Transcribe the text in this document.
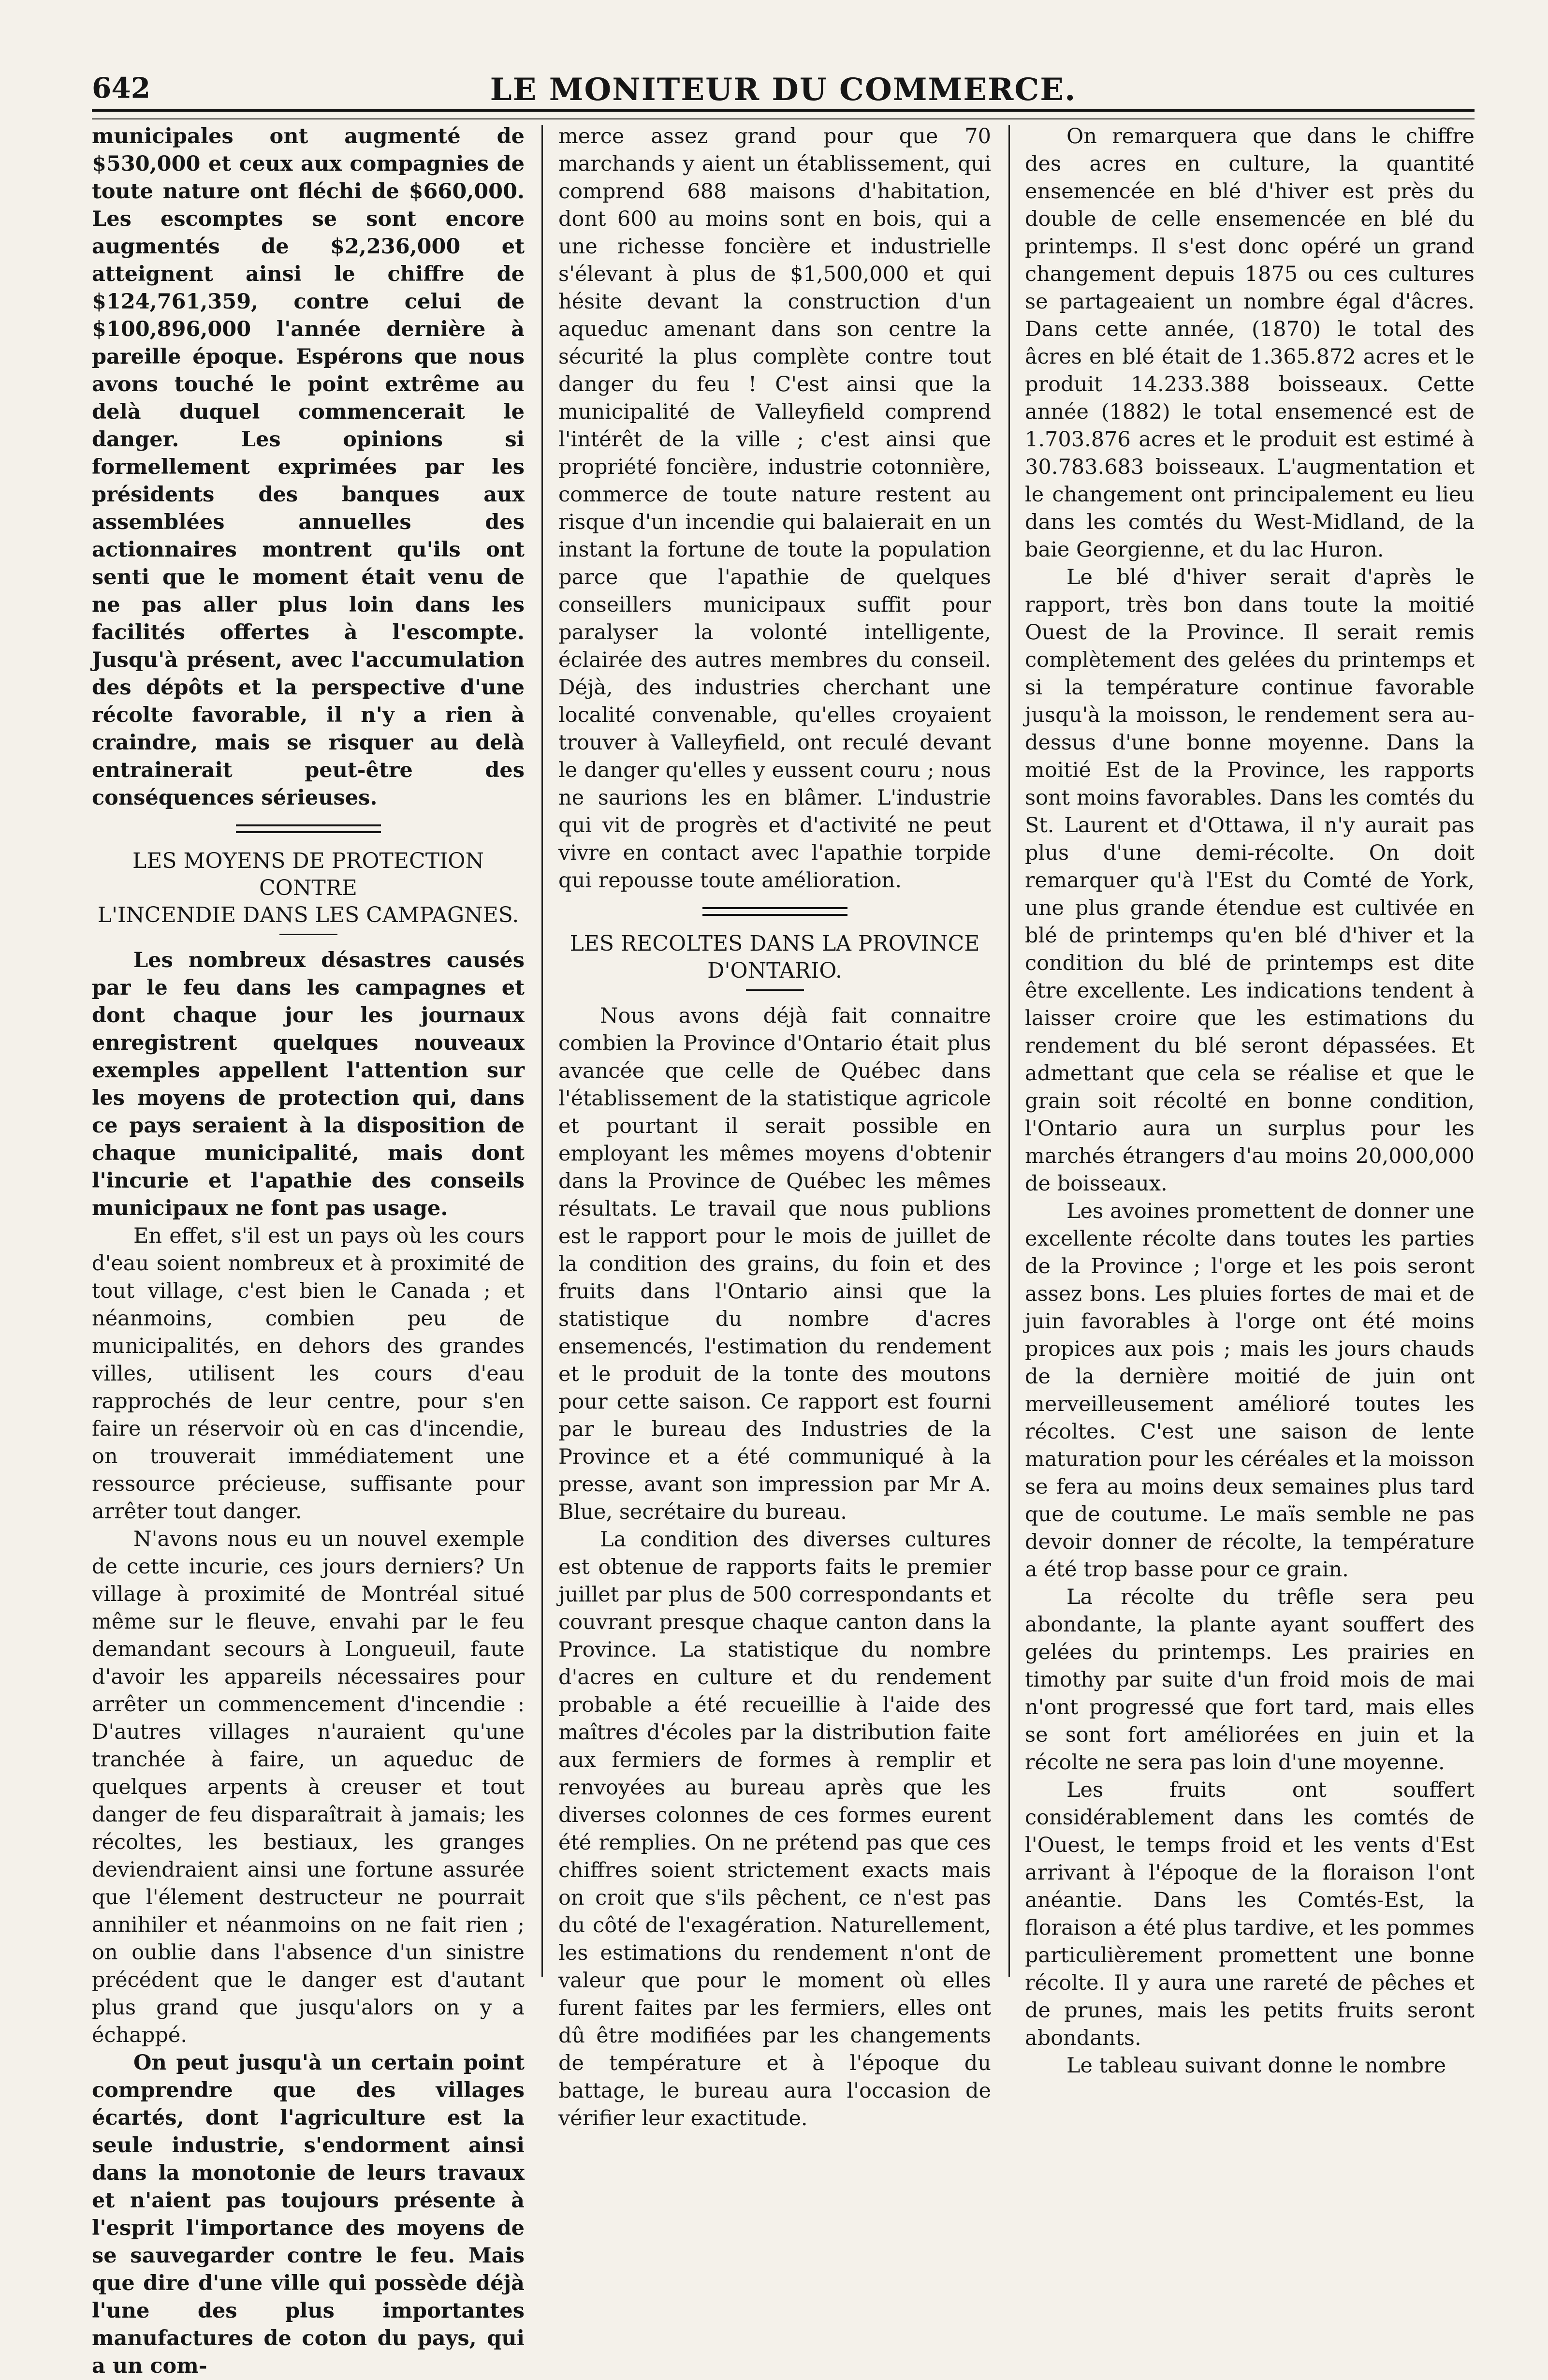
642	LE MONITEUR DU COMMERCE.

municipales ont augmenté de $530,000 et ceux aux compagnies de toute nature ont fléchi de $660,000. Les escomptes se sont encore augmentés de $2,236,000 et atteignent ainsi le chiffre de $124,761,359, contre celui de $100,896,000 l'année dernière à pareille époque. Espérons que nous avons touché le point extrême au delà duquel commencerait le danger. Les opinions si formellement exprimées par les présidents des banques aux assemblées annuelles des actionnaires montrent qu'ils ont senti que le moment était venu de ne pas aller plus loin dans les facilités offertes à l'escompte. Jusqu'à présent, avec l'accumulation des dépôts et la perspective d'une récolte favorable, il n'y a rien à craindre, mais se risquer au delà entrainerait peut-être des conséquences sérieuses.

LES MOYENS DE PROTECTION CONTRE
L'INCENDIE DANS LES CAMPAGNES.

Les nombreux désastres causés par le feu dans les campagnes et dont chaque jour les journaux enregistrent quelques nouveaux exemples appellent l'attention sur les moyens de protection qui, dans ce pays seraient à la disposition de chaque municipalité, mais dont l'incurie et l'apathie des conseils municipaux ne font pas usage.

En effet, s'il est un pays où les cours d'eau soient nombreux et à proximité de tout village, c'est bien le Canada ; et néanmoins, combien peu de municipalités, en dehors des grandes villes, utilisent les cours d'eau rapprochés de leur centre, pour s'en faire un réservoir où en cas d'incendie, on trouverait immédiatement une ressource précieuse, suffisante pour arrêter tout danger.

N'avons nous eu un nouvel exemple de cette incurie, ces jours derniers? Un village à proximité de Montréal situé même sur le fleuve, envahi par le feu demandant secours à Longueuil, faute d'avoir les appareils nécessaires pour arrêter un commencement d'incendie : D'autres villages n'auraient qu'une tranchée à faire, un aqueduc de quelques arpents à creuser et tout danger de feu disparaîtrait à jamais; les récoltes, les bestiaux, les granges deviendraient ainsi une fortune assurée que l'élement destructeur ne pourrait annihiler et néanmoins on ne fait rien ; on oublie dans l'absence d'un sinistre précédent que le danger est d'autant plus grand que jusqu'alors on y a échappé.

On peut jusqu'à un certain point comprendre que des villages écartés, dont l'agriculture est la seule industrie, s'endorment ainsi dans la monotonie de leurs travaux et n'aient pas toujours présente à l'esprit l'importance des moyens de se sauvegarder contre le feu. Mais que dire d'une ville qui possède déjà l'une des plus importantes manufactures de coton du pays, qui a un com-

merce assez grand pour que 70 marchands y aient un établissement, qui comprend 688 maisons d'habitation, dont 600 au moins sont en bois, qui a une richesse foncière et industrielle s'élevant à plus de $1,500,000 et qui hésite devant la construction d'un aqueduc amenant dans son centre la sécurité la plus complète contre tout danger du feu ! C'est ainsi que la municipalité de Valleyfield comprend l'intérêt de la ville ; c'est ainsi que propriété foncière, industrie cotonnière, commerce de toute nature restent au risque d'un incendie qui balaierait en un instant la fortune de toute la population parce que l'apathie de quelques conseillers municipaux suffit pour paralyser la volonté intelligente, éclairée des autres membres du conseil. Déjà, des industries cherchant une localité convenable, qu'elles croyaient trouver à Valleyfield, ont reculé devant le danger qu'elles y eussent couru ; nous ne saurions les en blâmer. L'industrie qui vit de progrès et d'activité ne peut vivre en contact avec l'apathie torpide qui repousse toute amélioration.

LES RECOLTES DANS LA PROVINCE
D'ONTARIO.

Nous avons déjà fait connaitre combien la Province d'Ontario était plus avancée que celle de Québec dans l'établissement de la statistique agricole et pourtant il serait possible en employant les mêmes moyens d'obtenir dans la Province de Québec les mêmes résultats. Le travail que nous publions est le rapport pour le mois de juillet de la condition des grains, du foin et des fruits dans l'Ontario ainsi que la statistique du nombre d'acres ensemencés, l'estimation du rendement et le produit de la tonte des moutons pour cette saison. Ce rapport est fourni par le bureau des Industries de la Province et a été communiqué à la presse, avant son impression par Mr A. Blue, secrétaire du bureau.

La condition des diverses cultures est obtenue de rapports faits le premier juillet par plus de 500 correspondants et couvrant presque chaque canton dans la Province. La statistique du nombre d'acres en culture et du rendement probable a été recueillie à l'aide des maîtres d'écoles par la distribution faite aux fermiers de formes à remplir et renvoyées au bureau après que les diverses colonnes de ces formes eurent été remplies. On ne prétend pas que ces chiffres soient strictement exacts mais on croit que s'ils pêchent, ce n'est pas du côté de l'exagération. Naturellement, les estimations du rendement n'ont de valeur que pour le moment où elles furent faites par les fermiers, elles ont dû être modifiées par les changements de température et à l'époque du battage, le bureau aura l'occasion de vérifier leur exactitude.

On remarquera que dans le chiffre des acres en culture, la quantité ensemencée en blé d'hiver est près du double de celle ensemencée en blé du printemps. Il s'est donc opéré un grand changement depuis 1875 ou ces cultures se partageaient un nombre égal d'âcres. Dans cette année, (1870) le total des âcres en blé était de 1.365.872 acres et le produit 14.233.388 boisseaux. Cette année (1882) le total ensemencé est de 1.703.876 acres et le produit est estimé à 30.783.683 boisseaux. L'augmentation et le changement ont principalement eu lieu dans les comtés du West-Midland, de la baie Georgienne, et du lac Huron.

Le blé d'hiver serait d'après le rapport, très bon dans toute la moitié Ouest de la Province. Il serait remis complètement des gelées du printemps et si la température continue favorable jusqu'à la moisson, le rendement sera au-dessus d'une bonne moyenne. Dans la moitié Est de la Province, les rapports sont moins favorables. Dans les comtés du St. Laurent et d'Ottawa, il n'y aurait pas plus d'une demi-récolte. On doit remarquer qu'à l'Est du Comté de York, une plus grande étendue est cultivée en blé de printemps qu'en blé d'hiver et la condition du blé de printemps est dite être excellente. Les indications tendent à laisser croire que les estimations du rendement du blé seront dépassées. Et admettant que cela se réalise et que le grain soit récolté en bonne condition, l'Ontario aura un surplus pour les marchés étrangers d'au moins 20,000,000 de boisseaux.

Les avoines promettent de donner une excellente récolte dans toutes les parties de la Province ; l'orge et les pois seront assez bons. Les pluies fortes de mai et de juin favorables à l'orge ont été moins propices aux pois ; mais les jours chauds de la dernière moitié de juin ont merveilleusement amélioré toutes les récoltes. C'est une saison de lente maturation pour les céréales et la moisson se fera au moins deux semaines plus tard que de coutume. Le maïs semble ne pas devoir donner de récolte, la température a été trop basse pour ce grain.

La récolte du trêfle sera peu abondante, la plante ayant souffert des gelées du printemps. Les prairies en timothy par suite d'un froid mois de mai n'ont progressé que fort tard, mais elles se sont fort améliorées en juin et la récolte ne sera pas loin d'une moyenne.

Les fruits ont souffert considérablement dans les comtés de l'Ouest, le temps froid et les vents d'Est arrivant à l'époque de la floraison l'ont anéantie. Dans les Comtés-Est, la floraison a été plus tardive, et les pommes particulièrement promettent une bonne récolte. Il y aura une rareté de pêches et de prunes, mais les petits fruits seront abondants.

Le tableau suivant donne le nombre
